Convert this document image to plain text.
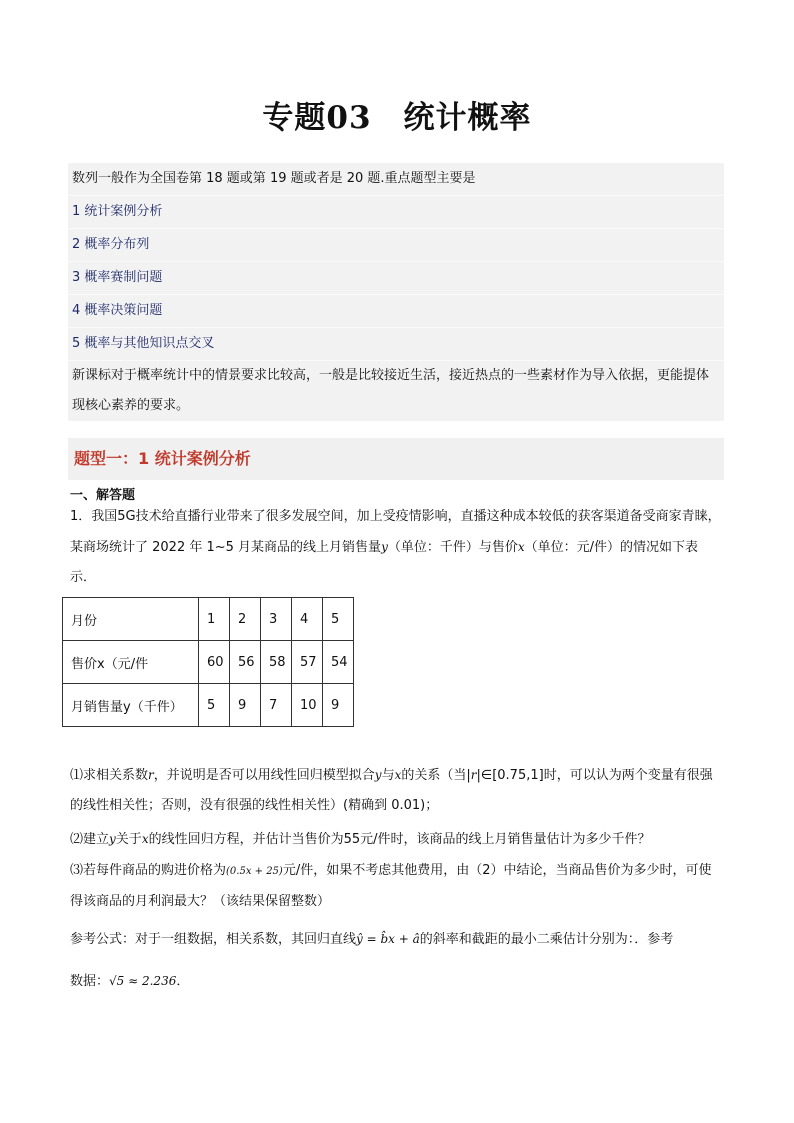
专题03　统计概率
数列一般作为全国卷第 18 题或第 19 题或者是 20 题.重点题型主要是
1 统计案例分析
2 概率分布列
3 概率赛制问题
4 概率决策问题
5 概率与其他知识点交叉
新课标对于概率统计中的情景要求比较高，一般是比较接近生活，接近热点的一些素材作为导入依据，更能提体现核心素养的要求。
题型一：1 统计案例分析
一、解答题
1．我国5G技术给直播行业带来了很多发展空间，加上受疫情影响，直播这种成本较低的获客渠道备受商家青睐，某商场统计了 2022 年 1~5 月某商品的线上月销售量y（单位：千件）与售价x（单位：元/件）的情况如下表示．
月份	1	2	3	4	5
售价x（元/件	60	56	58	57	54
月销售量y（千件）	5	9	7	10	9
⑴求相关系数r，并说明是否可以用线性回归模型拟合y与x的关系（当|r|∈[0.75,1]时，可以认为两个变量有很强的线性相关性；否则，没有很强的线性相关性）(精确到 0.01)；
⑵建立y关于x的线性回归方程，并估计当售价为55元/件时，该商品的线上月销售量估计为多少千件？
⑶若每件商品的购进价格为(0.5x + 25)元/件，如果不考虑其他费用，由（2）中结论，当商品售价为多少时，可使得该商品的月利润最大？（该结果保留整数）
参考公式：对于一组数据，相关系数，其回归直线ŷ = b̂x + â的斜率和截距的最小二乘估计分别为：．参考
数据：√5 ≈ 2.236．
